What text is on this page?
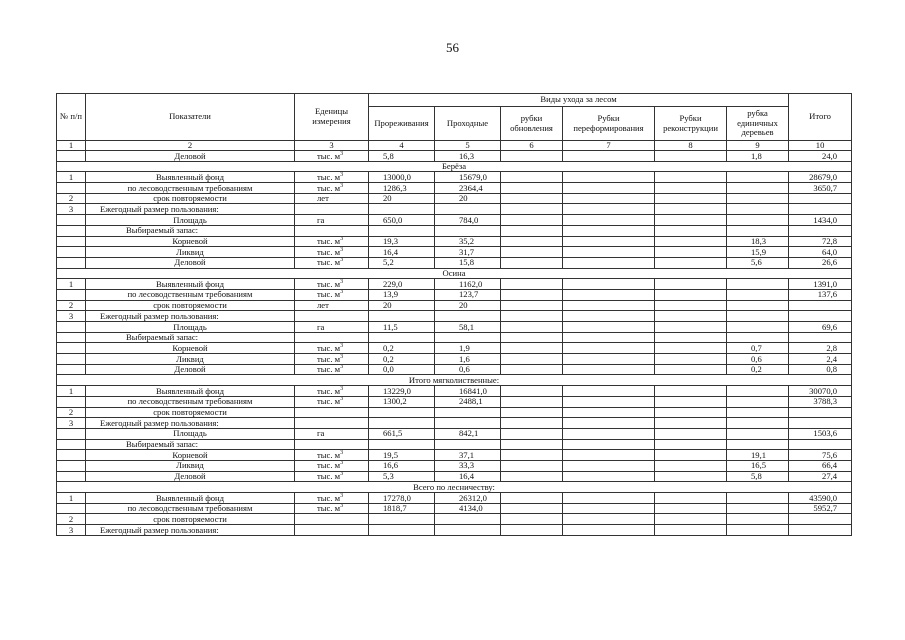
56
№ п/п	Показатели	Еденицы измерения	Виды ухода за лесом						Итого
			Прореживания	Проходные	рубки обновления	Рубки переформирования	Рубки реконструкции	рубка единичных деревьев	
1	2	3	4	5	6	7	8	9	10
	Деловой	тыс. $м^3$	5,8	16,3				1,8	24,0
Берёза									
1	Выявленный фонд	тыс. $м^3$	13000,0	15679,0					28679,0
	по лесоводственным требованиям	тыс. $м^3$	1286,3	2364,4					3650,7
2	срок повторяемости	лет	20	20					
3	Ежегодный размер пользования:								
	Площадь	га	650,0	784,0					1434,0
	Выбираемый запас:								
	Корневой	тыс. $м^3$	19,3	35,2				18,3	72,8
	Ликвид	тыс. $м^3$	16,4	31,7				15,9	64,0
	Деловой	тыс. $м^3$	5,2	15,8				5,6	26,6
Осина									
1	Выявленный фонд	тыс. $м^3$	229,0	1162,0					1391,0
	по лесоводственным требованиям	тыс. $м^3$	13,9	123,7					137,6
2	срок повторяемости	лет	20	20					
3	Ежегодный размер пользования:								
	Площадь	га	11,5	58,1					69,6
	Выбираемый запас:								
	Корневой	тыс. $м^3$	0,2	1,9				0,7	2,8
	Ликвид	тыс. $м^3$	0,2	1,6				0,6	2,4
	Деловой	тыс. $м^3$	0,0	0,6				0,2	0,8
Итого мягколиственные:									
1	Выявленный фонд	тыс. $м^3$	13229,0	16841,0					30070,0
	по лесоводственным требованиям	тыс. $м^3$	1300,2	2488,1					3788,3
2	срок повторяемости								
3	Ежегодный размер пользования:								
	Площадь	га	661,5	842,1					1503,6
	Выбираемый запас:								
	Корневой	тыс. $м^3$	19,5	37,1				19,1	75,6
	Ликвид	тыс. $м^3$	16,6	33,3				16,5	66,4
	Деловой	тыс. $м^3$	5,3	16,4				5,8	27,4
Всего по лесничеству:									
1	Выявленный фонд	тыс. $м^3$	17278,0	26312,0					43590,0
	по лесоводственным требованиям	тыс. $м^3$	1818,7	4134,0					5952,7
2	срок повторяемости								
3	Ежегодный размер пользования:								
